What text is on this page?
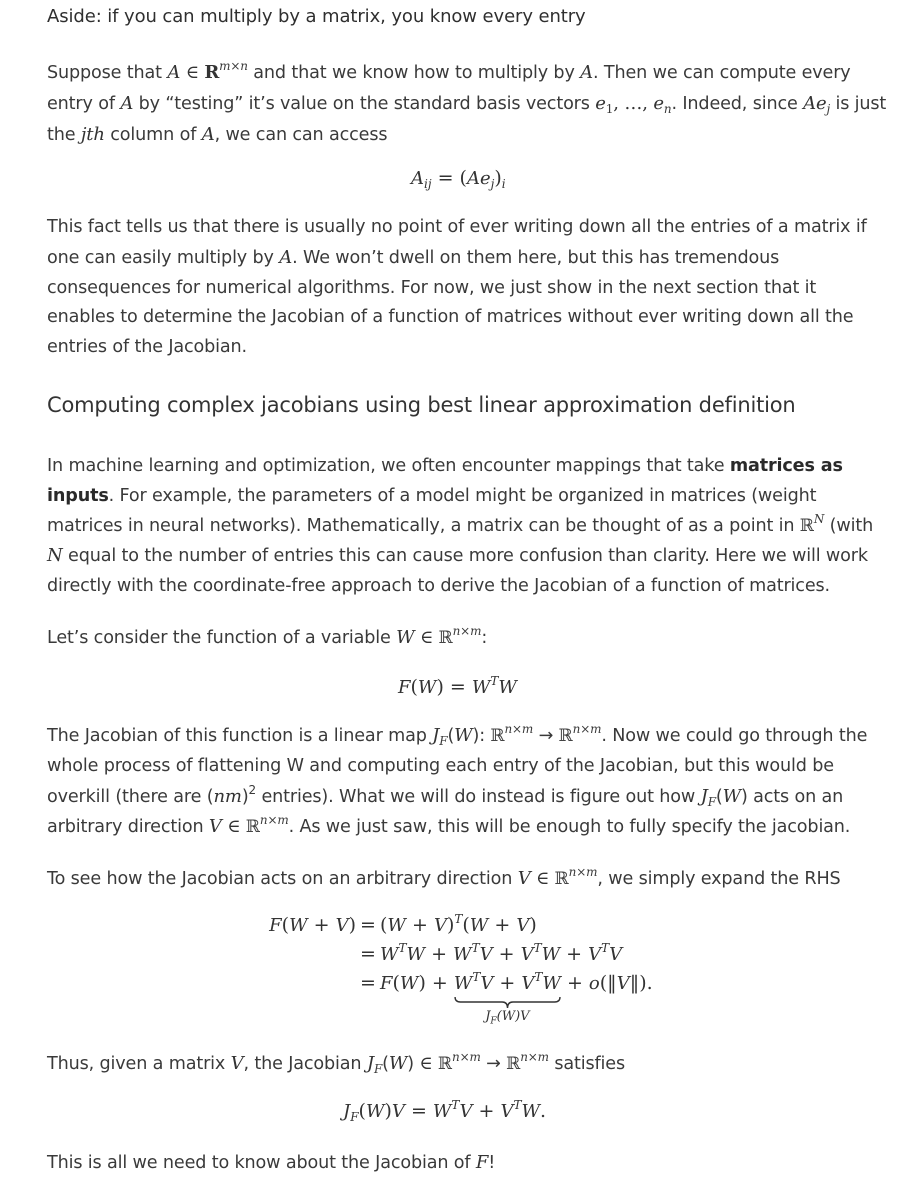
Aside: if you can multiply by a matrix, you know every entry
Suppose that A ∈ $R^{m\times n}$ and that we know how to multiply by A. Then we can compute every entry of A by “testing” it’s value on the standard basis vectors $e_1$, …, $e_n$. Indeed, since $Ae_j$ is just the jth column of A, we can can access
$A_{ij} = (Ae_j)_i$
This fact tells us that there is usually no point of ever writing down all the entries of a matrix if one can easily multiply by A. We won’t dwell on them here, but this has tremendous consequences for numerical algorithms. For now, we just show in the next section that it enables to determine the Jacobian of a function of matrices without ever writing down all the entries of the Jacobian.
Computing complex jacobians using best linear approximation definition
In machine learning and optimization, we often encounter mappings that take matrices as inputs. For example, the parameters of a model might be organized in matrices (weight matrices in neural networks). Mathematically, a matrix can be thought of as a point in ℝ$^N$ (with N equal to the number of entries this can cause more confusion than clarity. Here we will work directly with the coordinate-free approach to derive the Jacobian of a function of matrices.
Let’s consider the function of a variable W ∈ ℝ$^{n\times m}$:
$F(W) = W^TW$
The Jacobian of this function is a linear map $J_F(W)$: ℝ$^{n\times m}$ → ℝ$^{n\times m}$. Now we could go through the whole process of flattening W and computing each entry of the Jacobian, but this would be overkill (there are (nm)$^2$ entries). What we will do instead is figure out how $J_F(W)$ acts on an arbitrary direction V ∈ ℝ$^{n\times m}$. As we just saw, this will be enough to fully specify the jacobian.
To see how the Jacobian acts on an arbitrary direction V ∈ ℝ$^{n\times m}$, we simply expand the RHS
$F(W + V) = (W + V)^T(W + V)$
= $W^TW + W^TV + V^TW + V^TV$
= $F(W) + W^TV + V^TW$
$J_F(W)V$
+ o(‖V‖).
Thus, given a matrix V, the Jacobian $J_F(W)$ ∈ ℝ$^{n\times m}$ → ℝ$^{n\times m}$ satisfies
$J_F(W)V = W^TV + V^TW$.
This is all we need to know about the Jacobian of F!
